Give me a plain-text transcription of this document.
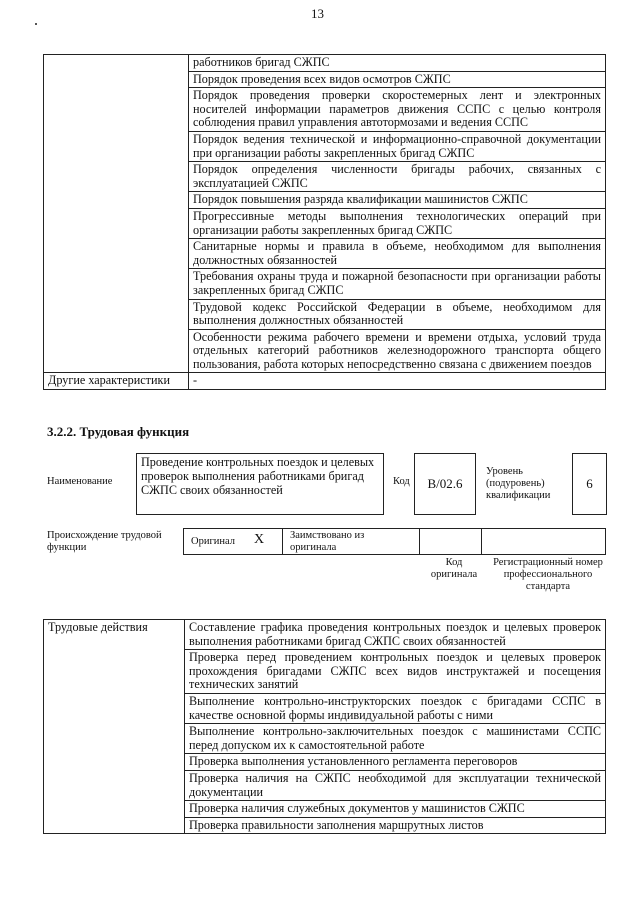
13
	работников бригад СЖПС
	Порядок проведения всех видов осмотров СЖПС
	Порядок проведения проверки скоростемерных лент и электронных носителей информации параметров движения ССПС с целью контроля соблюдения правил управления автотормозами и ведения ССПС
	Порядок ведения технической и информационно-справочной документации при организации работы закрепленных бригад СЖПС
	Порядок определения численности бригады рабочих, связанных с эксплуатацией СЖПС
	Порядок повышения разряда квалификации машинистов СЖПС
	Прогрессивные методы выполнения технологических операций при организации работы закрепленных бригад СЖПС
	Санитарные нормы и правила в объеме, необходимом для выполнения должностных обязанностей
	Требования охраны труда и пожарной безопасности при организации работы закрепленных бригад СЖПС
	Трудовой кодекс Российской Федерации в объеме, необходимом для выполнения должностных обязанностей
	Особенности режима рабочего времени и времени отдыха, условий труда отдельных категорий работников железнодорожного транспорта общего пользования, работа которых непосредственно связана с движением поездов
Другие характеристики	-
3.2.2. Трудовая функция
Наименование
Проведение контрольных поездок и целевых проверок выполнения работниками бригад СЖПС своих обязанностей
Код	В/02.6
Уровень (подуровень) квалификации
6
Происхождение трудовой функции
Оригинал X Заимствовано из оригинала
Код оригинала
Регистрационный номер профессионального стандарта
Трудовые действия	Составление графика проведения контрольных поездок и целевых проверок выполнения работниками бригад СЖПС своих обязанностей
Проверка перед проведением контрольных поездок и целевых проверок прохождения бригадами СЖПС всех видов инструктажей и посещения технических занятий
Выполнение контрольно-инструкторских поездок с бригадами ССПС в качестве основной формы индивидуальной работы с ними
Выполнение контрольно-заключительных поездок с машинистами ССПС перед допуском их к самостоятельной работе
Проверка выполнения установленного регламента переговоров
Проверка наличия на СЖПС необходимой для эксплуатации технической документации
Проверка наличия служебных документов у машинистов СЖПС
Проверка правильности заполнения маршрутных листов
